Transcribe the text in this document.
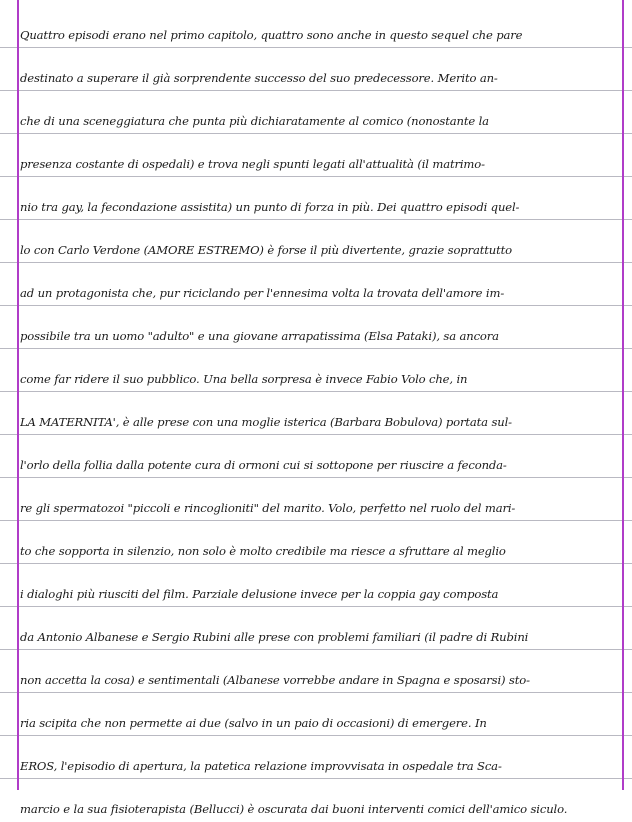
Quattro episodi erano nel primo capitolo, quattro sono anche in questo sequel che pare
destinato a superare il già sorprendente successo del suo predecessore. Merito an-
che di una sceneggiatura che punta più dichiaratamente al comico (nonostante la
presenza costante di ospedali) e trova negli spunti legati all'attualità (il matrimo-
nio tra gay, la fecondazione assistita) un punto di forza in più. Dei quattro episodi quel-
lo con Carlo Verdone (AMORE ESTREMO) è forse il più divertente, grazie soprattutto
ad un protagonista che, pur riciclando per l'ennesima volta la trovata dell'amore im-
possibile tra un uomo "adulto" e una giovane arrapatissima (Elsa Pataki), sa ancora
come far ridere il suo pubblico. Una bella sorpresa è invece Fabio Volo che, in
LA MATERNITA', è alle prese con una moglie isterica (Barbara Bobulova) portata sul-
l'orlo della follia dalla potente cura di ormoni cui si sottopone per riuscire a feconda-
re gli spermatozoi "piccoli e rincoglioniti" del marito. Volo, perfetto nel ruolo del mari-
to che sopporta in silenzio, non solo è molto credibile ma riesce a sfruttare al meglio
i dialoghi più riusciti del film. Parziale delusione invece per la coppia gay composta
da Antonio Albanese e Sergio Rubini alle prese con problemi familiari (il padre di Rubini
non accetta la cosa) e sentimentali (Albanese vorrebbe andare in Spagna e sposarsi) sto-
ria scipita che non permette ai due (salvo in un paio di occasioni) di emergere. In
EROS, l'episodio di apertura, la patetica relazione improvvisata in ospedale tra Sca-
marcio e la sua fisioterapista (Bellucci) è oscurata dai buoni interventi comici dell'amico siculo.
